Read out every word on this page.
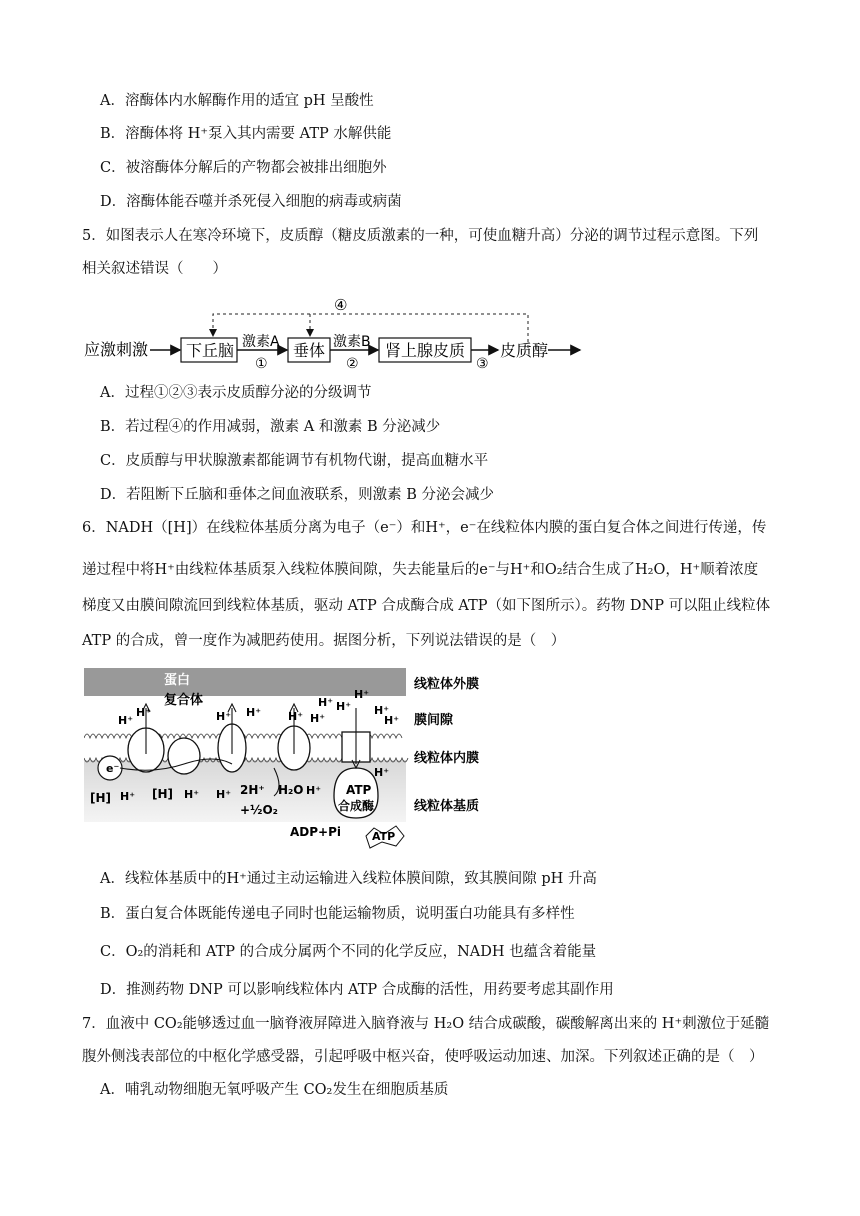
A．溶酶体内水解酶作用的适宜 pH 呈酸性
B．溶酶体将 H⁺泵入其内需要 ATP 水解供能
C．被溶酶体分解后的产物都会被排出细胞外
D．溶酶体能吞噬并杀死侵入细胞的病毒或病菌
5．如图表示人在寒冷环境下，皮质醇（糖皮质激素的一种，可使血糖升高）分泌的调节过程示意图。下列
相关叙述错误（　　）
④
应激刺激 下丘脑 激素A
①
垂体 激素B
②
肾上腺皮质
③
皮质醇
A．过程①②③表示皮质醇分泌的分级调节
B．若过程④的作用减弱，激素 A 和激素 B 分泌减少
C．皮质醇与甲状腺激素都能调节有机物代谢，提高血糖水平
D．若阻断下丘脑和垂体之间血液联系，则激素 B 分泌会减少
6．NADH（[H]）在线粒体基质分离为电子（e⁻）和H⁺，e⁻在线粒体内膜的蛋白复合体之间进行传递，传
递过程中将H⁺由线粒体基质泵入线粒体膜间隙，失去能量后的e⁻与H⁺和O₂结合生成了H₂O，H⁺顺着浓度
梯度又由膜间隙流回到线粒体基质，驱动 ATP 合成酶合成 ATP（如下图所示）。药物 DNP 可以阻止线粒体
ATP 的合成，曾一度作为减肥药使用。据图分析，下列说法错误的是（　）
线粒体外膜
膜间隙
线粒体内膜
线粒体基质
蛋白
复合体
H⁺
H⁺	H⁺ H⁺ H⁺
H⁺
H⁺
H⁺
H⁺
H⁺
H⁺
H⁺
e⁻
[H] H⁺ [H] H⁺ H⁺ 2H⁺
+½O₂
H₂O H⁺ ATP
合成酶
ADP+Pi	ATP
A．线粒体基质中的H⁺通过主动运输进入线粒体膜间隙，致其膜间隙 pH 升高
B．蛋白复合体既能传递电子同时也能运输物质，说明蛋白功能具有多样性
C．O₂的消耗和 ATP 的合成分属两个不同的化学反应，NADH 也蕴含着能量
D．推测药物 DNP 可以影响线粒体内 ATP 合成酶的活性，用药要考虑其副作用
7．血液中 CO₂能够透过血一脑脊液屏障进入脑脊液与 H₂O 结合成碳酸，碳酸解离出来的 H⁺刺激位于延髓
腹外侧浅表部位的中枢化学感受器，引起呼吸中枢兴奋，使呼吸运动加速、加深。下列叙述正确的是（　）
A．哺乳动物细胞无氧呼吸产生 CO₂发生在细胞质基质
